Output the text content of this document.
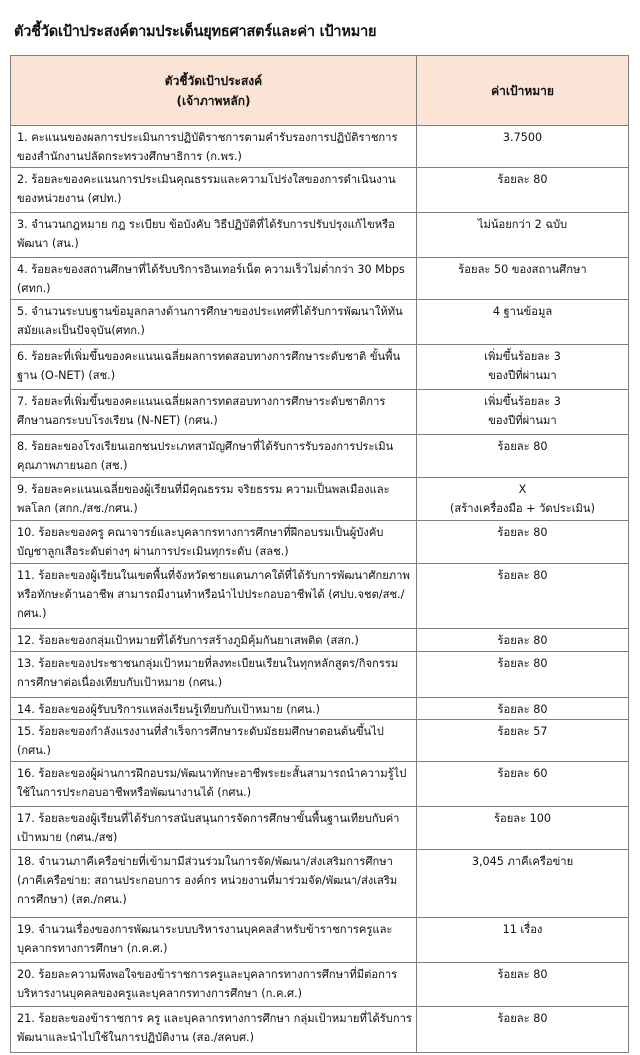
ตัวชี้วัดเป้าประสงค์ตามประเด็นยุทธศาสตร์และค่า เป้าหมาย
ตัวชี้วัดเป้าประสงค์
(เจ้าภาพหลัก)	ค่าเป้าหมาย
1. คะแนนของผลการประเมินการปฏิบัติราชการตามคำรับรองการปฏิบัติราชการของสำนักงานปลัดกระทรวงศึกษาธิการ (ก.พร.)	3.7500

2. ร้อยละของคะแนนการประเมินคุณธรรมและความโปร่งใสของการดำเนินงานของหน่วยงาน (ศปท.)	ร้อยละ 80

3. จำนวนกฎหมาย กฎ ระเบียบ ข้อบังคับ วิธีปฏิบัติที่ได้รับการปรับปรุงแก้ไขหรือพัฒนา (สน.)	ไม่น้อยกว่า 2 ฉบับ

4. ร้อยละของสถานศึกษาที่ได้รับบริการอินเทอร์เน็ต ความเร็วไม่ต่ำกว่า 30 Mbps (ศทก.)	ร้อยละ 50 ของสถานศึกษา

5. จำนวนระบบฐานข้อมูลกลางด้านการศึกษาของประเทศที่ได้รับการพัฒนาให้ทันสมัยและเป็นปัจจุบัน(ศทก.)	4 ฐานข้อมูล

6. ร้อยละที่เพิ่มขึ้นของคะแนนเฉลี่ยผลการทดสอบทางการศึกษาระดับชาติ ขั้นพื้นฐาน (O-NET) (สช.)	เพิ่มขึ้นร้อยละ 3
ของปีที่ผ่านมา

7. ร้อยละที่เพิ่มขึ้นของคะแนนเฉลี่ยผลการทดสอบทางการศึกษาระดับชาติการศึกษานอกระบบโรงเรียน (N-NET) (กศน.)	เพิ่มขึ้นร้อยละ 3
ของปีที่ผ่านมา

8. ร้อยละของโรงเรียนเอกชนประเภทสามัญศึกษาที่ได้รับการรับรองการประเมินคุณภาพภายนอก (สช.)	ร้อยละ 80

9. ร้อยละคะแนนเฉลี่ยของผู้เรียนที่มีคุณธรรม จริยธรรม ความเป็นพลเมืองและพลโลก (สกก./สช./กศน.)	X
(สร้างเครื่องมือ + วัดประเมิน)

10. ร้อยละของครู คณาจารย์และบุคลากรทางการศึกษาที่ฝึกอบรมเป็นผู้บังคับบัญชาลูกเสือระดับต่างๆ ผ่านการประเมินทุกระดับ (สลช.)	ร้อยละ 80

11. ร้อยละของผู้เรียนในเขตพื้นที่จังหวัดชายแดนภาคใต้ที่ได้รับการพัฒนาศักยภาพ หรือทักษะด้านอาชีพ สามารถมีงานทำหรือนำไปประกอบอาชีพได้ (ศปบ.จชต/สช./กศน.)	ร้อยละ 80

12. ร้อยละของกลุ่มเป้าหมายที่ได้รับการสร้างภูมิคุ้มกันยาเสพติด (สสก.)	ร้อยละ 80

13. ร้อยละของประชาชนกลุ่มเป้าหมายที่ลงทะเบียนเรียนในทุกหลักสูตร/กิจกรรมการศึกษาต่อเนื่องเทียบกับเป้าหมาย (กศน.)	ร้อยละ 80

14. ร้อยละของผู้รับบริการแหล่งเรียนรู้เทียบกับเป้าหมาย (กศน.)	ร้อยละ 80

15. ร้อยละของกำลังแรงงานที่สำเร็จการศึกษาระดับมัธยมศึกษาตอนต้นขึ้นไป (กศน.)	ร้อยละ 57

16. ร้อยละของผู้ผ่านการฝึกอบรม/พัฒนาทักษะอาชีพระยะสั้นสามารถนำความรู้ไปใช้ในการประกอบอาชีพหรือพัฒนางานได้ (กศน.)	ร้อยละ 60

17. ร้อยละของผู้เรียนที่ได้รับการสนับสนุนการจัดการศึกษาขั้นพื้นฐานเทียบกับค่าเป้าหมาย (กศน./สช)	ร้อยละ 100

18. จำนวนภาคีเครือข่ายที่เข้ามามีส่วนร่วมในการจัด/พัฒนา/ส่งเสริมการศึกษา (ภาคีเครือข่าย: สถานประกอบการ องค์กร หน่วยงานที่มาร่วมจัด/พัฒนา/ส่งเสริมการศึกษา) (สต./กศน.)	3,045 ภาคีเครือข่าย

19. จำนวนเรื่องของการพัฒนาระบบบริหารงานบุคคลสำหรับข้าราชการครูและบุคลากรทางการศึกษา (ก.ค.ศ.)	11 เรื่อง

20. ร้อยละความพึงพอใจของข้าราชการครูและบุคลากรทางการศึกษาที่มีต่อการบริหารงานบุคคลของครูและบุคลากรทางการศึกษา (ก.ค.ศ.)	ร้อยละ 80

21. ร้อยละของข้าราชการ ครู และบุคลากรทางการศึกษา กลุ่มเป้าหมายที่ได้รับการพัฒนาและนำไปใช้ในการปฏิบัติงาน (สอ./สคบศ.)	ร้อยละ 80
